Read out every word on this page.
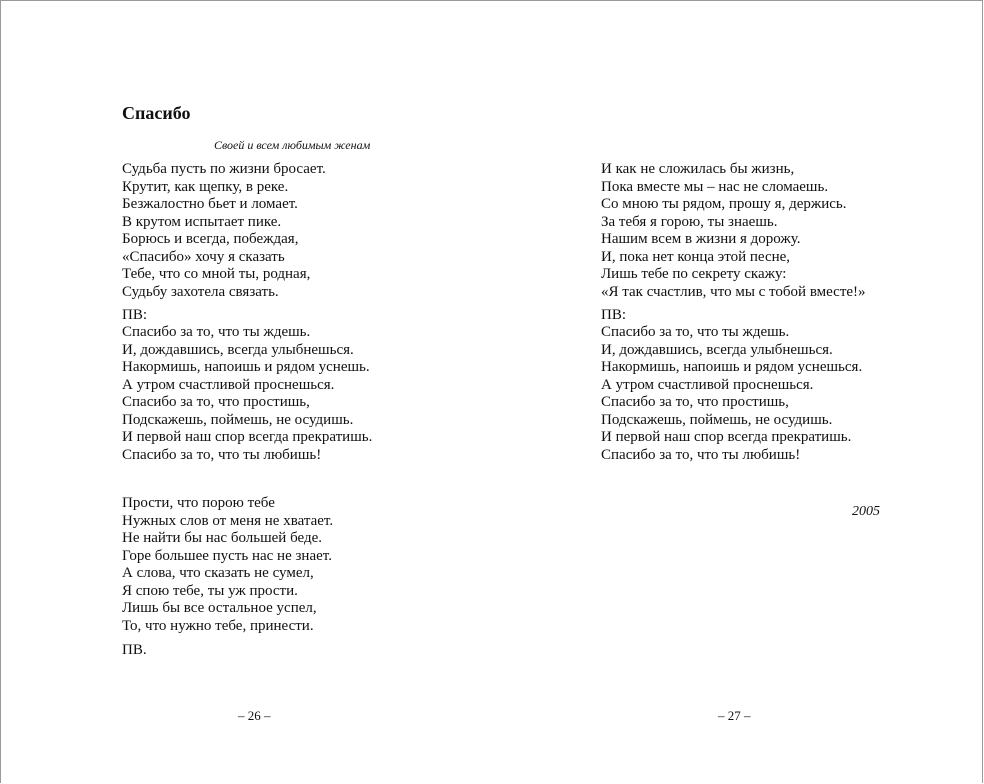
Спасибо

Своей и всем любимым женам

Судьба пусть по жизни бросает.
Крутит, как щепку, в реке.
Безжалостно бьет и ломает.
В крутом испытает пике.
Борюсь и всегда, побеждая,
«Спасибо» хочу я сказать
Тебе, что со мной ты, родная,
Судьбу захотела связать.

ПВ:

Спасибо за то, что ты ждешь.
И, дождавшись, всегда улыбнешься.
Накормишь, напоишь и рядом уснешь.
А утром счастливой проснешься.
Спасибо за то, что простишь,
Подскажешь, поймешь, не осудишь.
И первой наш спор всегда прекратишь.
Спасибо за то, что ты любишь!
Прости, что порою тебе
Нужных слов от меня не хватает.
Не найти бы нас большей беде.
Горе большее пусть нас не знает.
А слова, что сказать не сумел,
Я спою тебе, ты уж прости.
Лишь бы все остальное успел,
То, что нужно тебе, принести.

ПВ.

– 26 –

И как не сложилась бы жизнь,
Пока вместе мы – нас не сломаешь.
Со мною ты рядом, прошу я, держись.
За тебя я горою, ты знаешь.
Нашим всем в жизни я дорожу.
И, пока нет конца этой песне,
Лишь тебе по секрету скажу:
«Я так счастлив, что мы с тобой вместе!»

ПВ:

Спасибо за то, что ты ждешь.
И, дождавшись, всегда улыбнешься.
Накормишь, напоишь и рядом уснешься.
А утром счастливой проснешься.
Спасибо за то, что простишь,
Подскажешь, поймешь, не осудишь.
И первой наш спор всегда прекратишь.
Спасибо за то, что ты любишь!

2005

– 27 –
